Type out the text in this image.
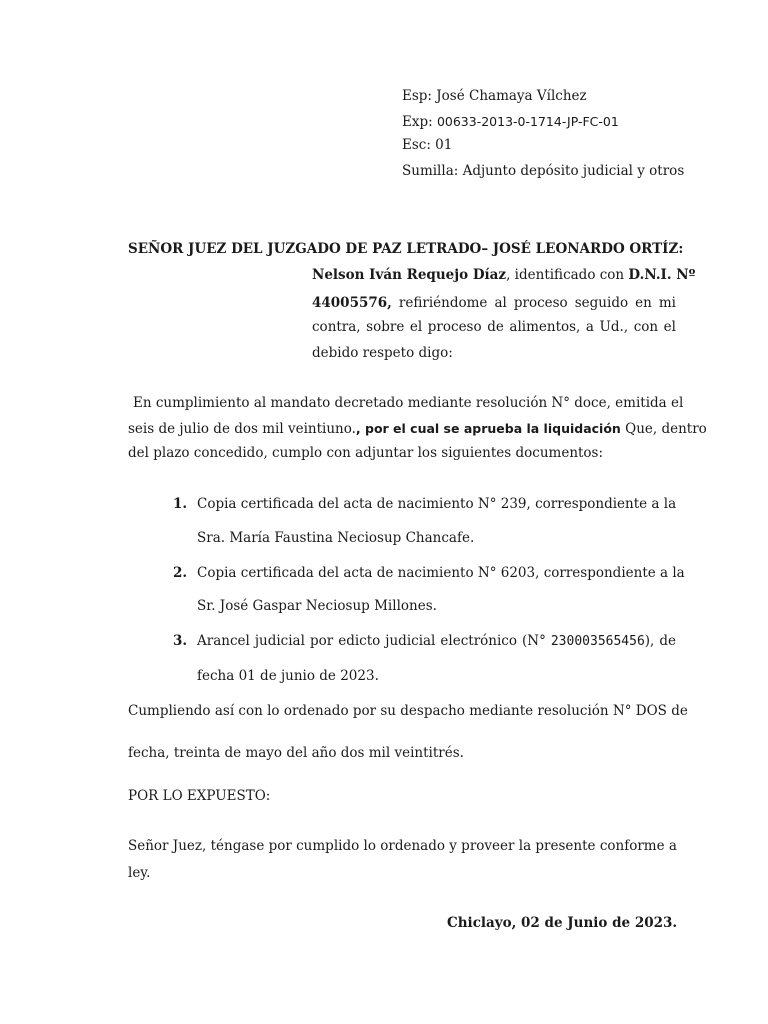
Esp: José Chamaya Vílchez
Exp: 00633-2013-0-1714-JP-FC-01
Esc: 01
Sumilla: Adjunto depósito judicial y otros
SEÑOR JUEZ DEL JUZGADO DE PAZ LETRADO– JOSÉ LEONARDO ORTÍZ:
Nelson Iván Requejo Díaz, identificado con D.N.I. Nº
44005576, refiriéndome al proceso seguido en mi
contra, sobre el proceso de alimentos, a Ud., con el
debido respeto digo:
En cumplimiento al mandato decretado mediante resolución N° doce, emitida el
seis de julio de dos mil veintiuno., por el cual se aprueba la liquidación Que, dentro
del plazo concedido, cumplo con adjuntar los siguientes documentos:
1. Copia certificada del acta de nacimiento N° 239, correspondiente a la
Sra. María Faustina Neciosup Chancafe.
2. Copia certificada del acta de nacimiento N° 6203, correspondiente a la
Sr. José Gaspar Neciosup Millones.
3. Arancel judicial por edicto judicial electrónico (N° 230003565456), de
fecha 01 de junio de 2023.
Cumpliendo así con lo ordenado por su despacho mediante resolución N° DOS de
fecha, treinta de mayo del año dos mil veintitrés.
POR LO EXPUESTO:
Señor Juez, téngase por cumplido lo ordenado y proveer la presente conforme a
ley.
Chiclayo, 02 de Junio de 2023.
